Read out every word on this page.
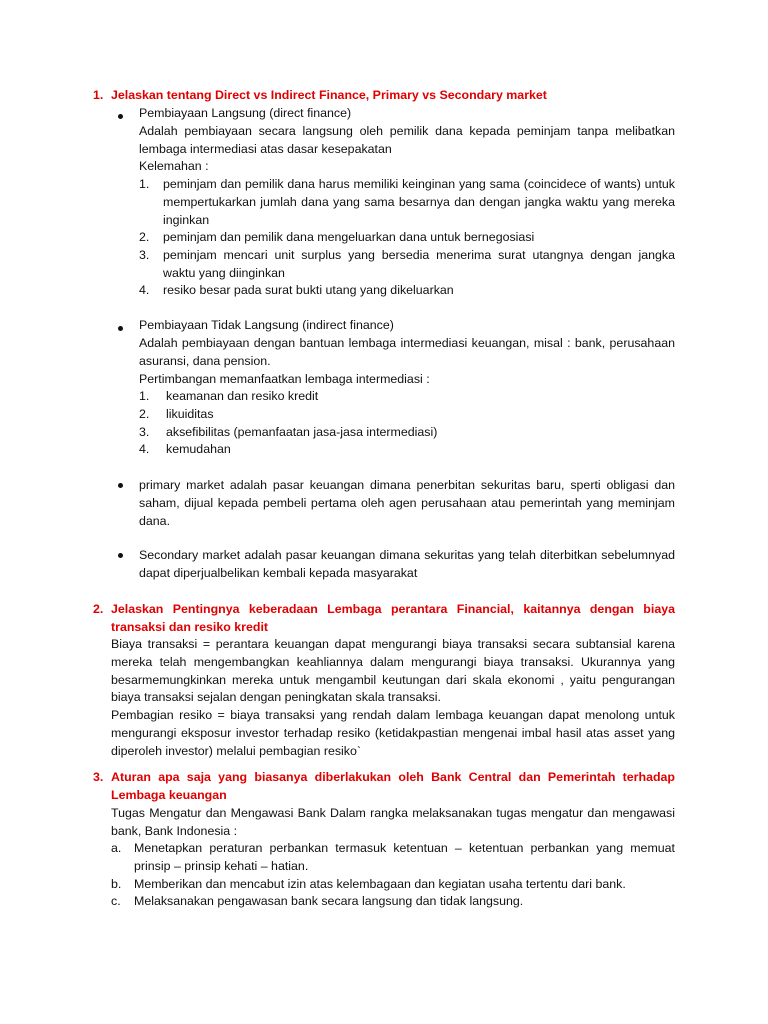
1. Jelaskan tentang Direct vs Indirect Finance, Primary vs Secondary market
Pembiayaan Langsung (direct finance)
Adalah pembiayaan secara langsung oleh pemilik dana kepada peminjam tanpa melibatkan lembaga intermediasi atas dasar kesepakatan
Kelemahan :
1. peminjam dan pemilik dana harus memiliki keinginan yang sama (coincidece of wants) untuk mempertukarkan jumlah dana yang sama besarnya dan dengan jangka waktu yang mereka inginkan
2. peminjam dan pemilik dana mengeluarkan dana untuk bernegosiasi
3. peminjam mencari unit surplus yang bersedia menerima surat utangnya dengan jangka waktu yang diinginkan
4. resiko besar pada surat bukti utang yang dikeluarkan
Pembiayaan Tidak Langsung (indirect finance)
Adalah pembiayaan dengan bantuan lembaga intermediasi keuangan, misal : bank, perusahaan asuransi, dana pension.
Pertimbangan memanfaatkan lembaga intermediasi :
1. keamanan dan resiko kredit
2. likuiditas
3. aksefibilitas (pemanfaatan jasa-jasa intermediasi)
4. kemudahan
primary market adalah pasar keuangan dimana penerbitan sekuritas baru, sperti obligasi dan saham, dijual kepada pembeli pertama oleh agen perusahaan atau pemerintah yang meminjam dana.
Secondary market adalah pasar keuangan dimana sekuritas yang telah diterbitkan sebelumnyad dapat diperjualbelikan kembali kepada masyarakat
2. Jelaskan Pentingnya keberadaan Lembaga perantara Financial, kaitannya dengan biaya transaksi dan resiko kredit
Biaya transaksi = perantara keuangan dapat mengurangi biaya transaksi secara subtansial karena mereka telah mengembangkan keahliannya dalam mengurangi biaya transaksi. Ukurannya yang besarmemungkinkan mereka untuk mengambil keutungan dari skala ekonomi , yaitu pengurangan biaya transaksi sejalan dengan peningkatan skala transaksi.
Pembagian resiko = biaya transaksi yang rendah dalam lembaga keuangan dapat menolong untuk mengurangi eksposur investor terhadap resiko (ketidakpastian mengenai imbal hasil atas asset yang diperoleh investor) melalui pembagian resiko`
3. Aturan apa saja yang biasanya diberlakukan oleh Bank Central dan Pemerintah terhadap Lembaga keuangan
Tugas Mengatur dan Mengawasi Bank Dalam rangka melaksanakan tugas mengatur dan mengawasi bank, Bank Indonesia :
a. Menetapkan peraturan perbankan termasuk ketentuan – ketentuan perbankan yang memuat prinsip – prinsip kehati – hatian.
b. Memberikan dan mencabut izin atas kelembagaan dan kegiatan usaha tertentu dari bank.
c. Melaksanakan pengawasan bank secara langsung dan tidak langsung.
